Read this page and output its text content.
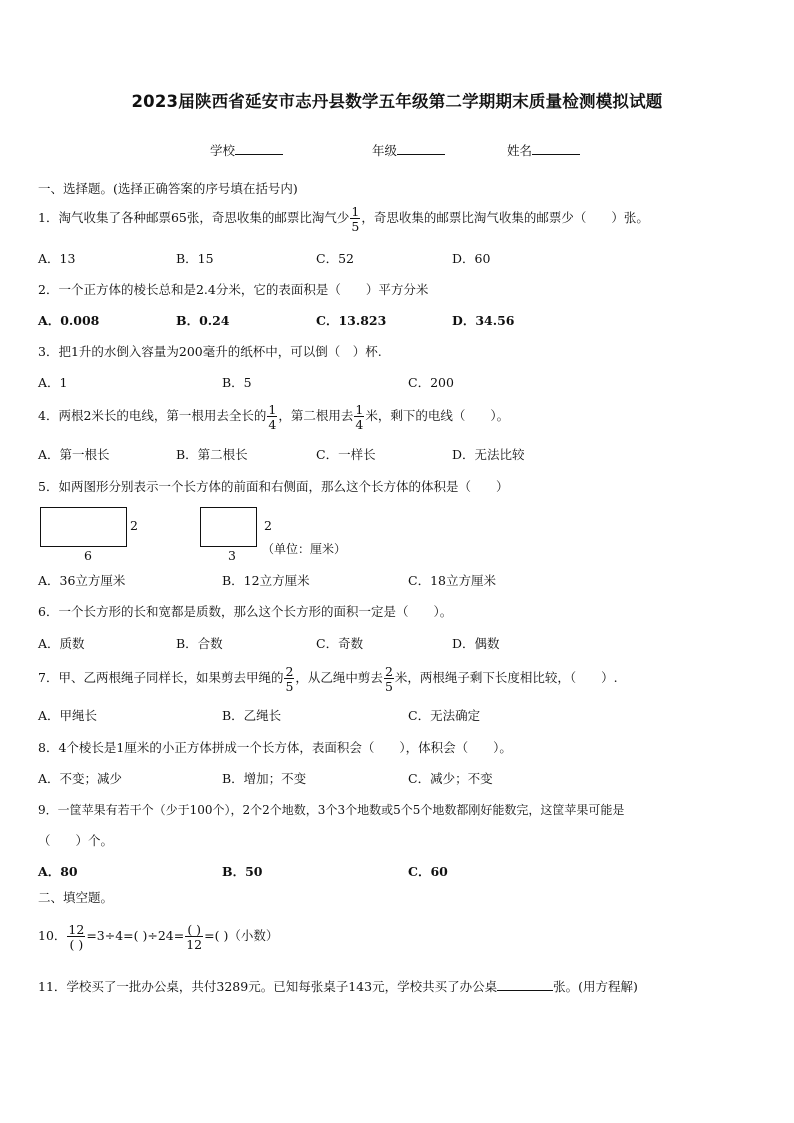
2023届陕西省延安市志丹县数学五年级第二学期期末质量检测模拟试题
学校	年级	姓名
一、选择题。(选择正确答案的序号填在括号内)
1．淘气收集了各种邮票65张，奇思收集的邮票比淘气少 $\frac{1}{5}$ ，奇思收集的邮票比淘气收集的邮票少（　　）张。
A．13	B．15	C．52	D．60
2．一个正方体的棱长总和是2.4分米，它的表面积是（　　）平方分米
A．0.008	B．0.24	C．13.823	D．34.56
3．把1升的水倒入容量为200毫升的纸杯中，可以倒（　）杯.
A．1	B．5	C．200
4．两根2米长的电线，第一根用去全长的 $\frac{1}{4}$ ，第二根用去 $\frac{1}{4}$ 米，剩下的电线（　　）。
A．第一根长	B．第二根长	C．一样长	D．无法比较
5．如两图形分别表示一个长方体的前面和右侧面，那么这个长方体的体积是（　　）
2
6
2
3 （单位：厘米）
A．36立方厘米	B．12立方厘米	C．18立方厘米
6．一个长方形的长和宽都是质数，那么这个长方形的面积一定是（　　）。
A．质数	B．合数	C．奇数	D．偶数
7．甲、乙两根绳子同样长，如果剪去甲绳的 $\frac{2}{5}$ ，从乙绳中剪去 $\frac{2}{5}$ 米，两根绳子剩下长度相比较，（　　）.
A．甲绳长	B．乙绳长	C．无法确定
8．4个棱长是1厘米的小正方体拼成一个长方体，表面积会（　　），体积会（　　）。
A．不变；减少	B．增加；不变	C．减少；不变
9．一筐苹果有若干个（少于100个），2个2个地数，3个3个地数或5个5个地数都刚好能数完，这筐苹果可能是
（　　）个。
A．80	B．50	C．60
二、填空题。
10． $\frac{12}{( )} =3\div 4=$( )$\div 24= \frac{( )}{12}$ =( )（小数）
11．学校买了一批办公桌，共付3289元。已知每张桌子143元，学校共买了办公桌	张。(用方程解)
